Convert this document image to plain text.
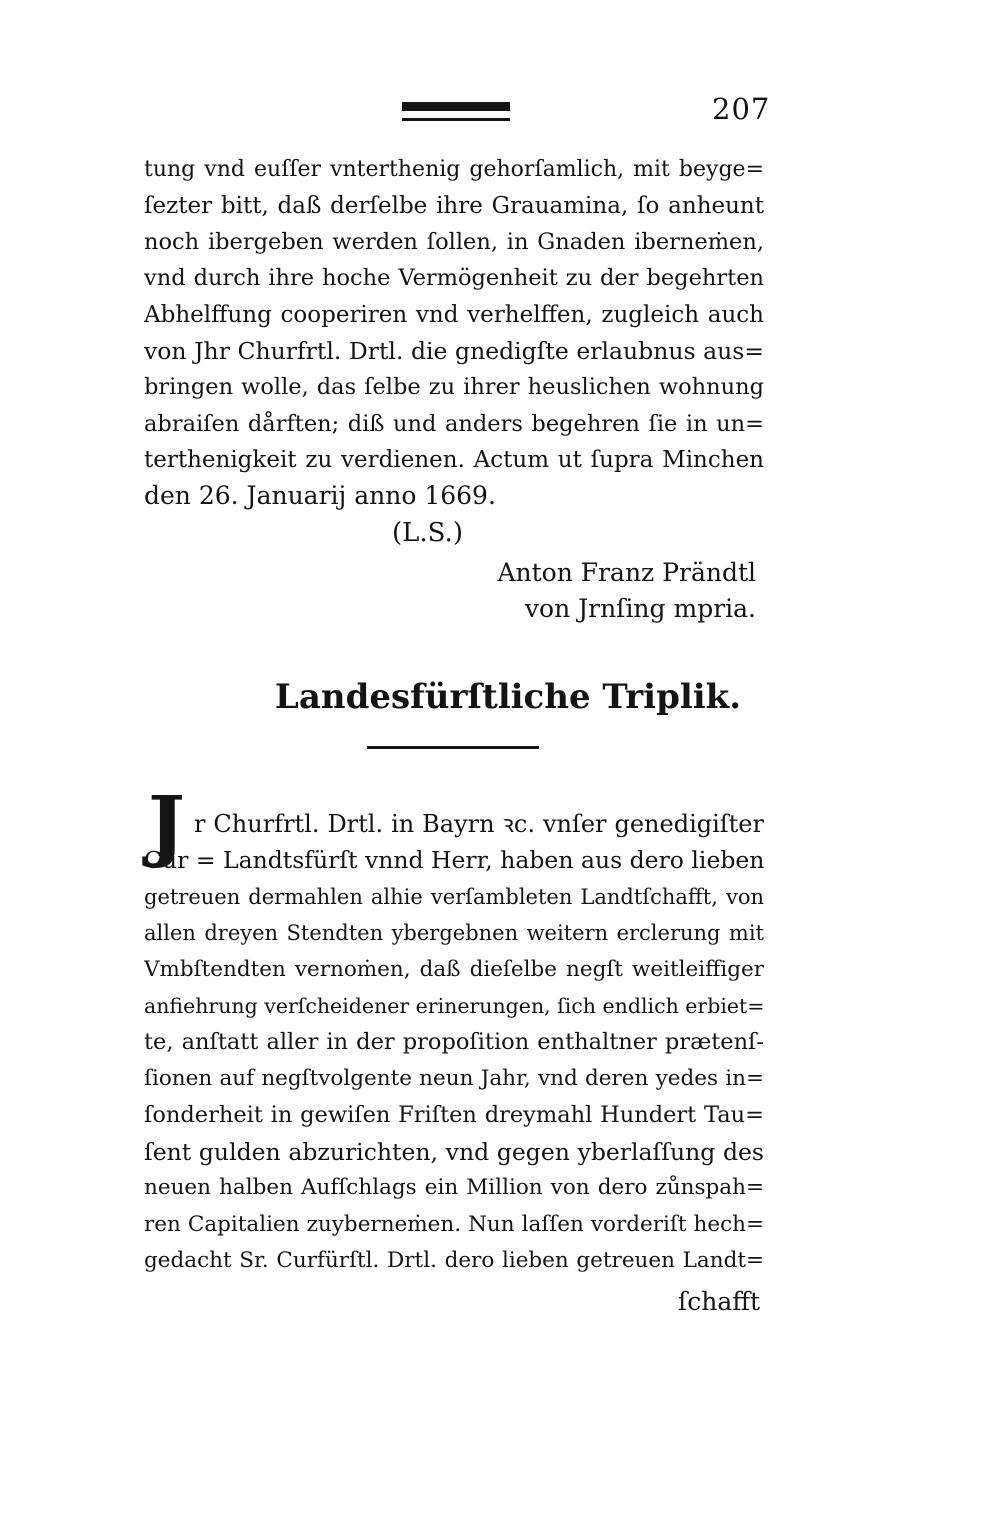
207
tung vnd euſſer vnterthenig gehorſamlich, mit beyge=
ſezter bitt, daß derſelbe ihre Grauamina, ſo anheunt
noch ibergeben werden ſollen, in Gnaden iberneṁen,
vnd durch ihre hoche Vermögenheit zu der begehrten
Abhelffung cooperiren vnd verhelffen, zugleich auch
von Jhr Churfrtl. Drtl. die gnedigſte erlaubnus aus=
bringen wolle, das ſelbe zu ihrer heuslichen wohnung
abraiſen dårften; diß und anders begehren ſie in un=
terthenigkeit zu verdienen. Actum ut ſupra Minchen
den 26. Januarij anno 1669.
(L.S.)
Anton Franz Prändtl
von Jrnſing mpria.
Landesfürſtliche Triplik.
J r Churfrtl. Drtl. in Bayrn ꝛc. vnſer genedigiſter
Cur = Landtsfürſt vnnd Herr, haben aus dero lieben
getreuen dermahlen alhie verſambleten Landtſchafft, von
allen dreyen Stendten ybergebnen weitern erclerung mit
Vmbſtendten vernoṁen, daß dieſelbe negſt weitleiffiger
anfiehrung verſcheidener erinerungen, ſich endlich erbiet=
te, anſtatt aller in der propoſition enthaltner prætenſ-
ſionen auf negſtvolgente neun Jahr, vnd deren yedes in=
ſonderheit in gewiſen Friſten dreymahl Hundert Tau=
ſent gulden abzurichten, vnd gegen yberlaſſung des
neuen halben Aufſchlags ein Million von dero zůnspah=
ren Capitalien zuyberneṁen. Nun laſſen vorderiſt hech=
gedacht Sr. Curfürſtl. Drtl. dero lieben getreuen Landt=
ſchafft
